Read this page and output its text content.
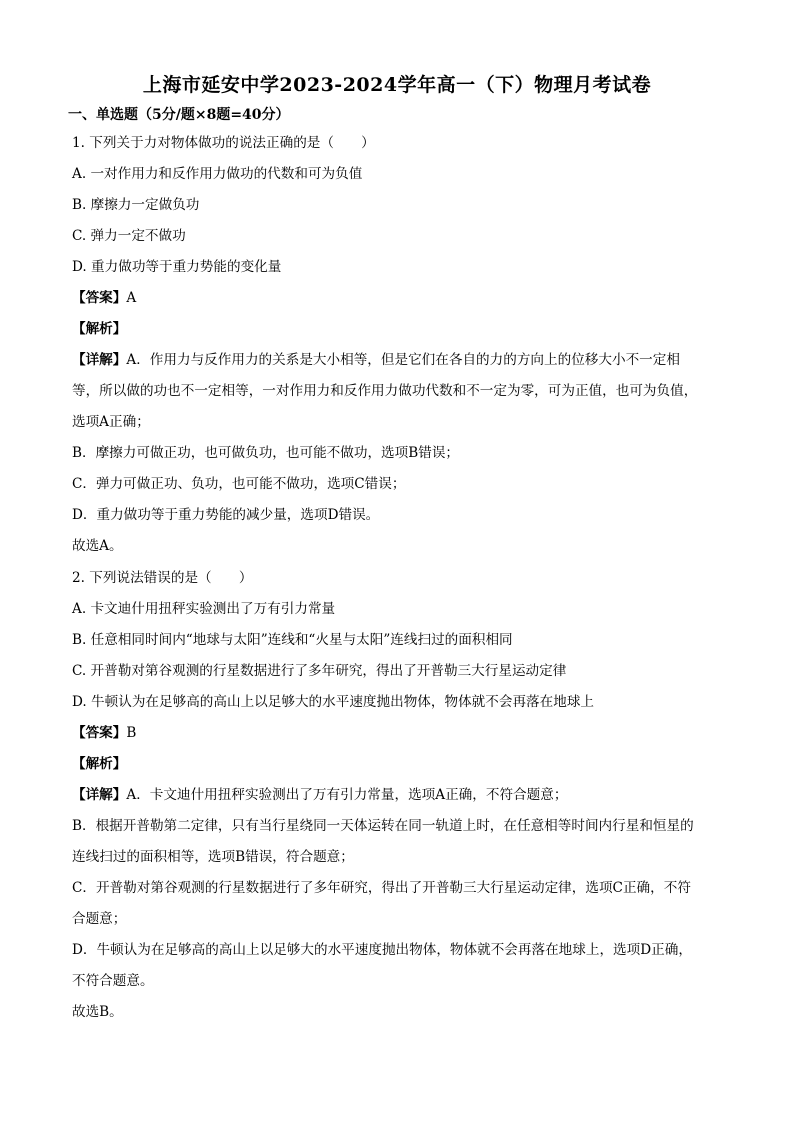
上海市延安中学2023-2024学年高一（下）物理月考试卷
一、单选题（5分/题×8题=40分）
1. 下列关于力对物体做功的说法正确的是（　　）
A. 一对作用力和反作用力做功的代数和可为负值
B. 摩擦力一定做负功
C. 弹力一定不做功
D. 重力做功等于重力势能的变化量
【答案】A
【解析】
【详解】A．作用力与反作用力的关系是大小相等，但是它们在各自的力的方向上的位移大小不一定相
等，所以做的功也不一定相等，一对作用力和反作用力做功代数和不一定为零，可为正值，也可为负值，
选项A正确；
B．摩擦力可做正功，也可做负功，也可能不做功，选项B错误；
C．弹力可做正功、负功，也可能不做功，选项C错误；
D．重力做功等于重力势能的减少量，选项D错误。
故选A。
2. 下列说法错误的是（　　）
A. 卡文迪什用扭秤实验测出了万有引力常量
B. 任意相同时间内“地球与太阳”连线和“火星与太阳”连线扫过的面积相同
C. 开普勒对第谷观测的行星数据进行了多年研究，得出了开普勒三大行星运动定律
D. 牛顿认为在足够高的高山上以足够大的水平速度抛出物体，物体就不会再落在地球上
【答案】B
【解析】
【详解】A．卡文迪什用扭秤实验测出了万有引力常量，选项A正确，不符合题意；
B．根据开普勒第二定律，只有当行星绕同一天体运转在同一轨道上时，在任意相等时间内行星和恒星的
连线扫过的面积相等，选项B错误，符合题意；
C．开普勒对第谷观测的行星数据进行了多年研究，得出了开普勒三大行星运动定律，选项C正确，不符
合题意；
D．牛顿认为在足够高的高山上以足够大的水平速度抛出物体，物体就不会再落在地球上，选项D正确，
不符合题意。
故选B。
